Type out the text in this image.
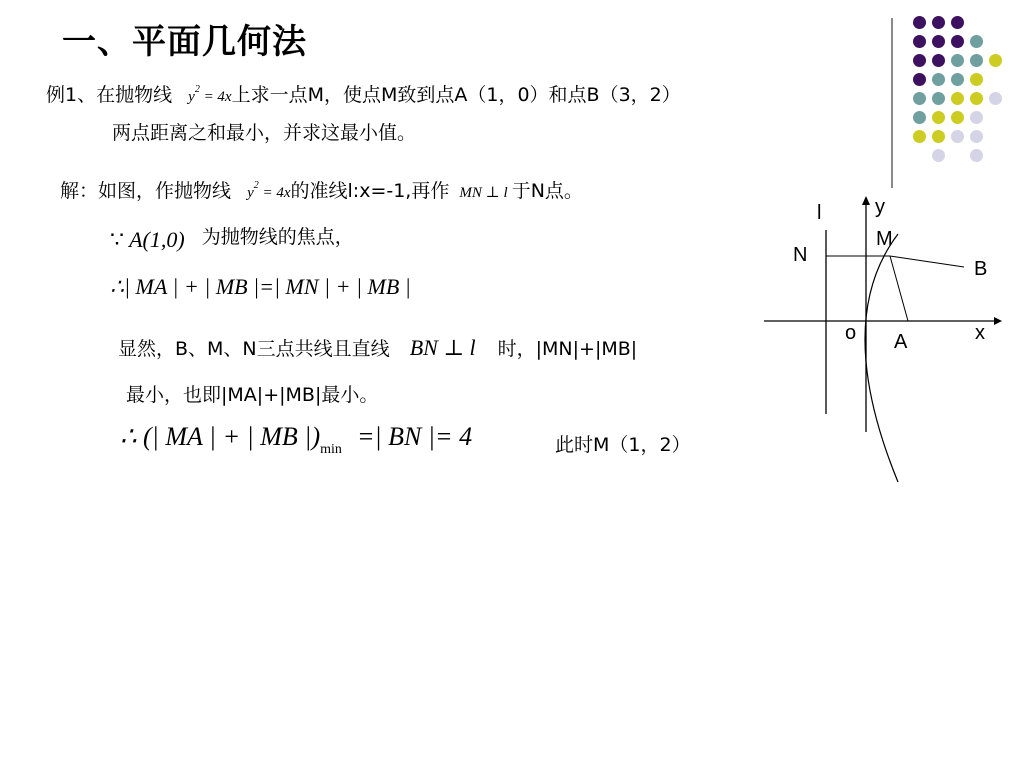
一、平面几何法
例1、在抛物线 $y^2 = 4x$上求一点M，使点M致到点A（1，0）和点B（3，2）
两点距离之和最小，并求这最小值。
解：如图，作抛物线 $y^2 = 4x$的准线l:x=-1,再作 MN ⊥ l 于N点。
∵ A(1,0) 为抛物线的焦点，
∴| MA | + | MB |=| MN | + | MB |
显然，B、M、N三点共线且直线 BN ⊥ l 时，|MN|+|MB|
最小，也即|MA|+|MB|最小。
∴ (| MA | + | MB |)min =| BN |= 4	此时M（1，2）
l	y
M
N
B
o A	x
